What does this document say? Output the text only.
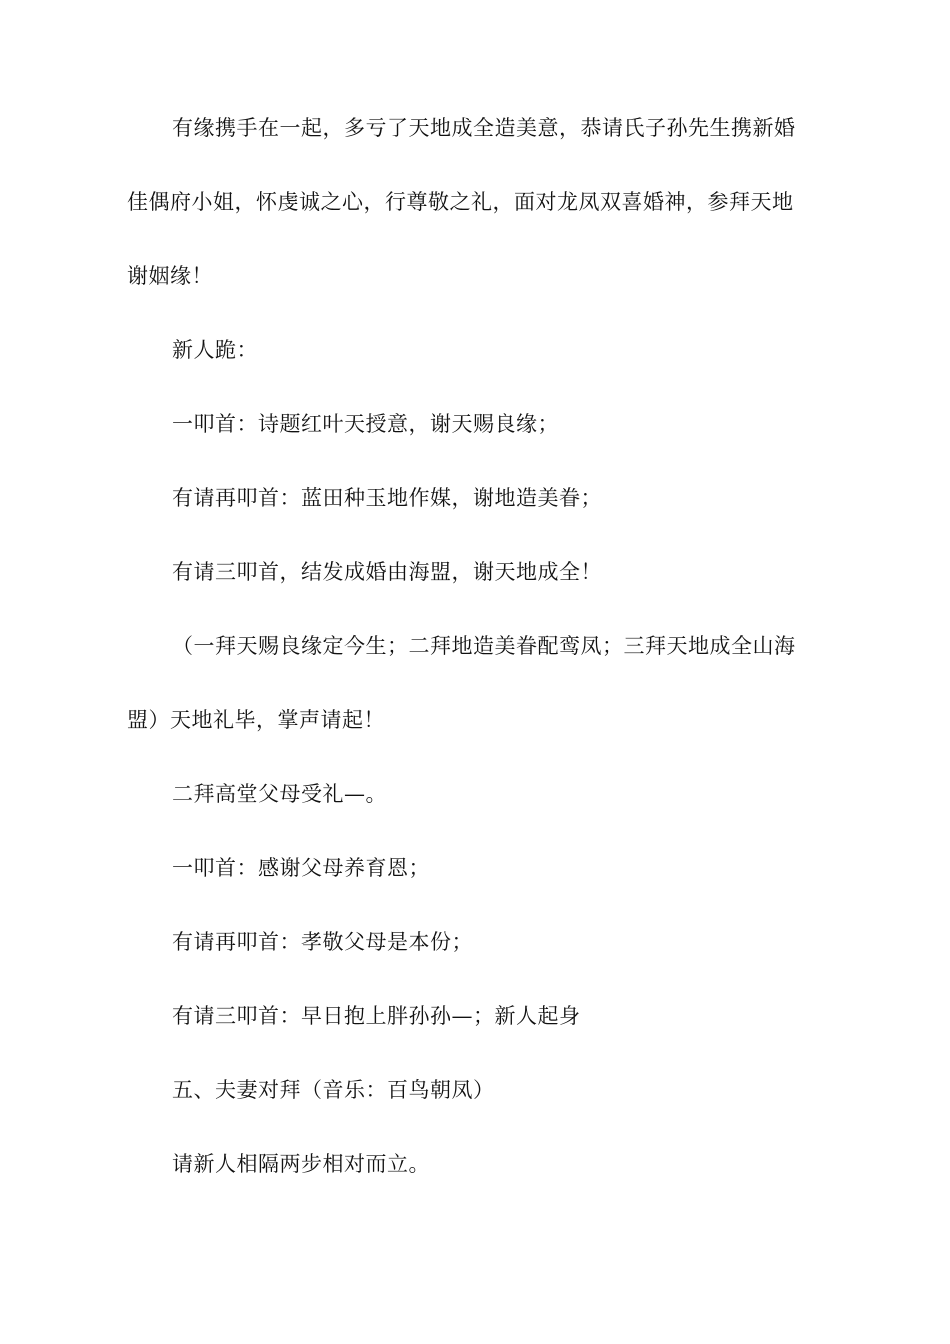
有缘携手在一起，多亏了天地成全造美意，恭请氏子孙先生携新婚

佳偶府小姐，怀虔诚之心，行尊敬之礼，面对龙凤双喜婚神，参拜天地

谢姻缘！

新人跪：

一叩首：诗题红叶天授意，谢天赐良缘；

有请再叩首：蓝田种玉地作媒，谢地造美眷；

有请三叩首，结发成婚由海盟，谢天地成全！

（一拜天赐良缘定今生；二拜地造美眷配鸾凤；三拜天地成全山海

盟）天地礼毕，掌声请起！

二拜高堂父母受礼—。

一叩首：感谢父母养育恩；

有请再叩首：孝敬父母是本份；

有请三叩首：早日抱上胖孙孙—；新人起身

五、夫妻对拜（音乐：百鸟朝凤）

请新人相隔两步相对而立。
